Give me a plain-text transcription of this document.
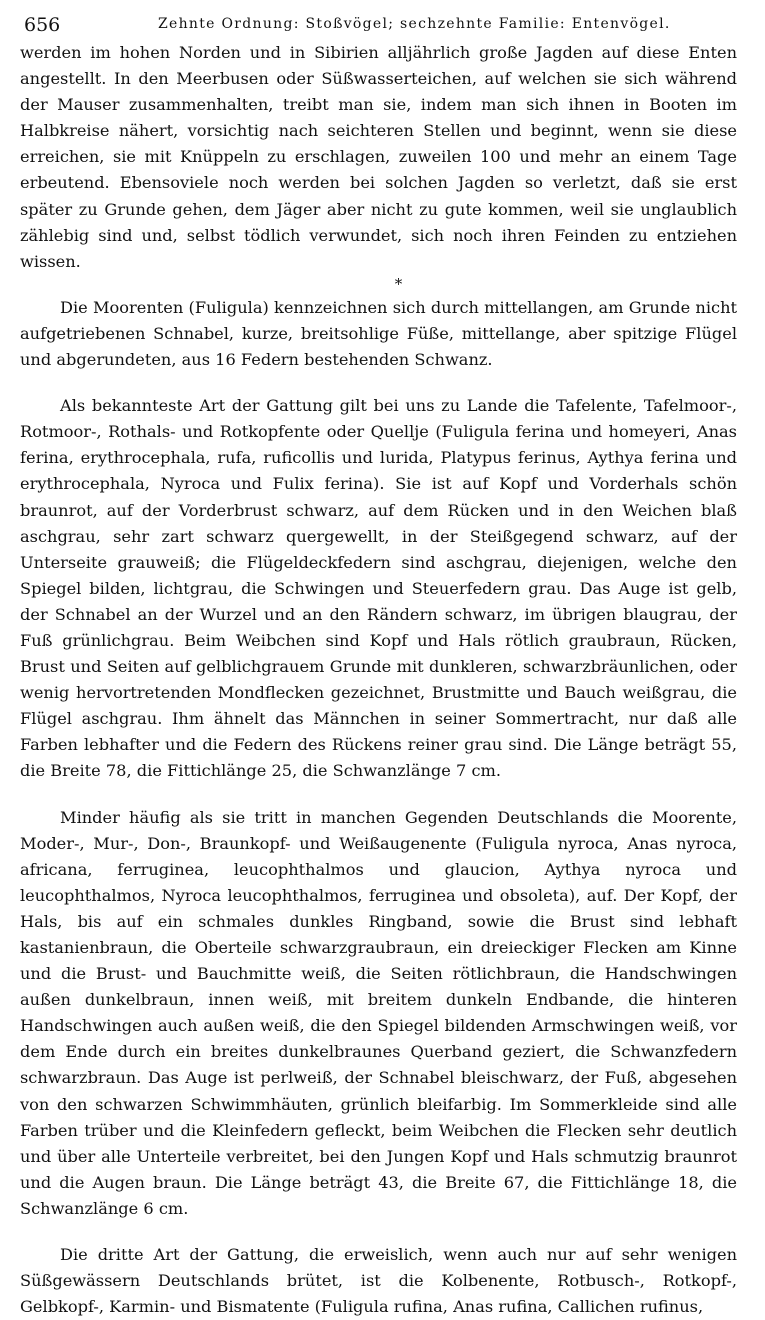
656	Zehnte Ordnung: Stoßvögel; sechzehnte Familie: Entenvögel.

werden im hohen Norden und in Sibirien alljährlich große Jagden auf diese Enten angestellt. In den Meerbusen oder Süßwasserteichen, auf welchen sie sich während der Mauser zusammenhalten, treibt man sie, indem man sich ihnen in Booten im Halbkreise nähert, vorsichtig nach seichteren Stellen und beginnt, wenn sie diese erreichen, sie mit Knüppeln zu erschlagen, zuweilen 100 und mehr an einem Tage erbeutend. Ebensoviele noch werden bei solchen Jagden so verletzt, daß sie erst später zu Grunde gehen, dem Jäger aber nicht zu gute kommen, weil sie unglaublich zählebig sind und, selbst tödlich verwundet, sich noch ihren Feinden zu entziehen wissen.

*

Die Moorenten (Fuligula) kennzeichnen sich durch mittellangen, am Grunde nicht aufgetriebenen Schnabel, kurze, breitsohlige Füße, mittellange, aber spitzige Flügel und abgerundeten, aus 16 Federn bestehenden Schwanz.

Als bekannteste Art der Gattung gilt bei uns zu Lande die Tafelente, Tafelmoor-, Rotmoor-, Rothals- und Rotkopfente oder Quellje (Fuligula ferina und homeyeri, Anas ferina, erythrocephala, rufa, ruficollis und lurida, Platypus ferinus, Aythya ferina und erythrocephala, Nyroca und Fulix ferina). Sie ist auf Kopf und Vorderhals schön braunrot, auf der Vorderbrust schwarz, auf dem Rücken und in den Weichen blaß aschgrau, sehr zart schwarz quergewellt, in der Steißgegend schwarz, auf der Unterseite grauweiß; die Flügeldeckfedern sind aschgrau, diejenigen, welche den Spiegel bilden, lichtgrau, die Schwingen und Steuerfedern grau. Das Auge ist gelb, der Schnabel an der Wurzel und an den Rändern schwarz, im übrigen blaugrau, der Fuß grünlichgrau. Beim Weibchen sind Kopf und Hals rötlich graubraun, Rücken, Brust und Seiten auf gelblichgrauem Grunde mit dunkleren, schwarzbräunlichen, oder wenig hervortretenden Mondflecken gezeichnet, Brustmitte und Bauch weißgrau, die Flügel aschgrau. Ihm ähnelt das Männchen in seiner Sommertracht, nur daß alle Farben lebhafter und die Federn des Rückens reiner grau sind. Die Länge beträgt 55, die Breite 78, die Fittichlänge 25, die Schwanzlänge 7 cm.

Minder häufig als sie tritt in manchen Gegenden Deutschlands die Moorente, Moder-, Mur-, Don-, Braunkopf- und Weißaugenente (Fuligula nyroca, Anas nyroca, africana, ferruginea, leucophthalmos und glaucion, Aythya nyroca und leucophthalmos, Nyroca leucophthalmos, ferruginea und obsoleta), auf. Der Kopf, der Hals, bis auf ein schmales dunkles Ringband, sowie die Brust sind lebhaft kastanienbraun, die Oberteile schwarzgraubraun, ein dreieckiger Flecken am Kinne und die Brust- und Bauchmitte weiß, die Seiten rötlichbraun, die Handschwingen außen dunkelbraun, innen weiß, mit breitem dunkeln Endbande, die hinteren Handschwingen auch außen weiß, die den Spiegel bildenden Armschwingen weiß, vor dem Ende durch ein breites dunkelbraunes Querband geziert, die Schwanzfedern schwarzbraun. Das Auge ist perlweiß, der Schnabel bleischwarz, der Fuß, abgesehen von den schwarzen Schwimmhäuten, grünlich bleifarbig. Im Sommerkleide sind alle Farben trüber und die Kleinfedern gefleckt, beim Weibchen die Flecken sehr deutlich und über alle Unterteile verbreitet, bei den Jungen Kopf und Hals schmutzig braunrot und die Augen braun. Die Länge beträgt 43, die Breite 67, die Fittichlänge 18, die Schwanzlänge 6 cm.

Die dritte Art der Gattung, die erweislich, wenn auch nur auf sehr wenigen Süßgewässern Deutschlands brütet, ist die Kolbenente, Rotbusch-, Rotkopf-, Gelbkopf-, Karmin- und Bismatente (Fuligula rufina, Anas rufina, Callichen rufinus,
